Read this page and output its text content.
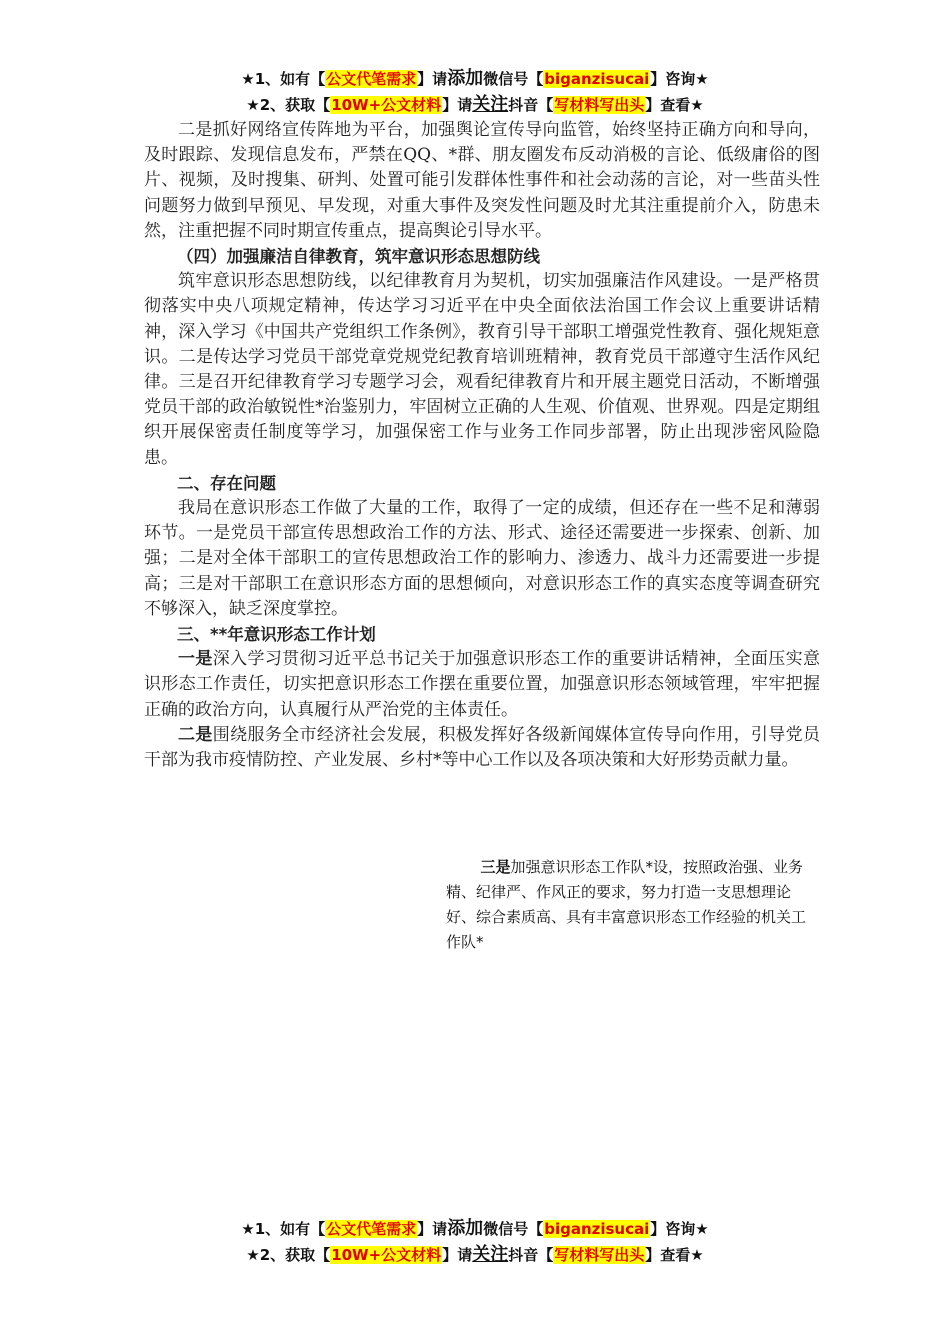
★1、如有【公文代笔需求】请添加微信号【biganzisucai】咨询★
★2、获取【10W+公文材料】请关注抖音【写材料写出头】查看★

二是抓好网络宣传阵地为平台，加强舆论宣传导向监管，始终坚持正确方向和导向，及时跟踪、发现信息发布，严禁在QQ、*群、朋友圈发布反动消极的言论、低级庸俗的图片、视频，及时搜集、研判、处置可能引发群体性事件和社会动荡的言论，对一些苗头性问题努力做到早预见、早发现，对重大事件及突发性问题及时尤其注重提前介入，防患未然，注重把握不同时期宣传重点，提高舆论引导水平。

（四）加强廉洁自律教育，筑牢意识形态思想防线

筑牢意识形态思想防线，以纪律教育月为契机，切实加强廉洁作风建设。一是严格贯彻落实中央八项规定精神，传达学习习近平在中央全面依法治国工作会议上重要讲话精神，深入学习《中国共产党组织工作条例》，教育引导干部职工增强党性教育、强化规矩意识。二是传达学习党员干部党章党规党纪教育培训班精神，教育党员干部遵守生活作风纪律。三是召开纪律教育学习专题学习会，观看纪律教育片和开展主题党日活动，不断增强党员干部的政治敏锐性*治鉴别力，牢固树立正确的人生观、价值观、世界观。四是定期组织开展保密责任制度等学习，加强保密工作与业务工作同步部署，防止出现涉密风险隐患。

二、存在问题

我局在意识形态工作做了大量的工作，取得了一定的成绩，但还存在一些不足和薄弱环节。一是党员干部宣传思想政治工作的方法、形式、途径还需要进一步探索、创新、加强；二是对全体干部职工的宣传思想政治工作的影响力、渗透力、战斗力还需要进一步提高；三是对干部职工在意识形态方面的思想倾向，对意识形态工作的真实态度等调查研究不够深入，缺乏深度掌控。

三、**年意识形态工作计划

一是深入学习贯彻习近平总书记关于加强意识形态工作的重要讲话精神，全面压实意识形态工作责任，切实把意识形态工作摆在重要位置，加强意识形态领域管理，牢牢把握正确的政治方向，认真履行从严治党的主体责任。

二是围绕服务全市经济社会发展，积极发挥好各级新闻媒体宣传导向作用，引导党员干部为我市疫情防控、产业发展、乡村*等中心工作以及各项决策和大好形势贡献力量。

三是加强意识形态工作队*设，按照政治强、业务精、纪律严、作风正的要求，努力打造一支思想理论好、综合素质高、具有丰富意识形态工作经验的机关工作队*

★1、如有【公文代笔需求】请添加微信号【biganzisucai】咨询★
★2、获取【10W+公文材料】请关注抖音【写材料写出头】查看★
